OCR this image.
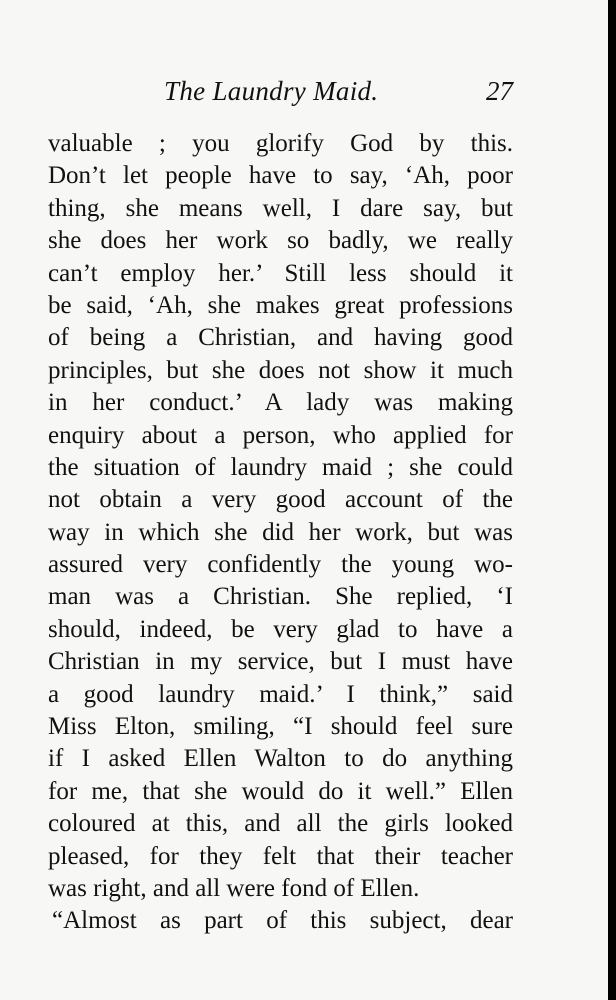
The Laundry Maid.	27
valuable ; you glorify God by this.
Don’t let people have to say, ‘Ah, poor
thing, she means well, I dare say, but
she does her work so badly, we really
can’t employ her.’ Still less should it
be said, ‘Ah, she makes great professions
of being a Christian, and having good
principles, but she does not show it much
in her conduct.’ A lady was making
enquiry about a person, who applied for
the situation of laundry maid ; she could
not obtain a very good account of the
way in which she did her work, but was
assured very confidently the young wo-
man was a Christian. She replied, ‘I
should, indeed, be very glad to have a
Christian in my service, but I must have
a good laundry maid.’ I think,” said
Miss Elton, smiling, “I should feel sure
if I asked Ellen Walton to do anything
for me, that she would do it well.” Ellen
coloured at this, and all the girls looked
pleased, for they felt that their teacher
was right, and all were fond of Ellen.
“Almost as part of this subject, dear
